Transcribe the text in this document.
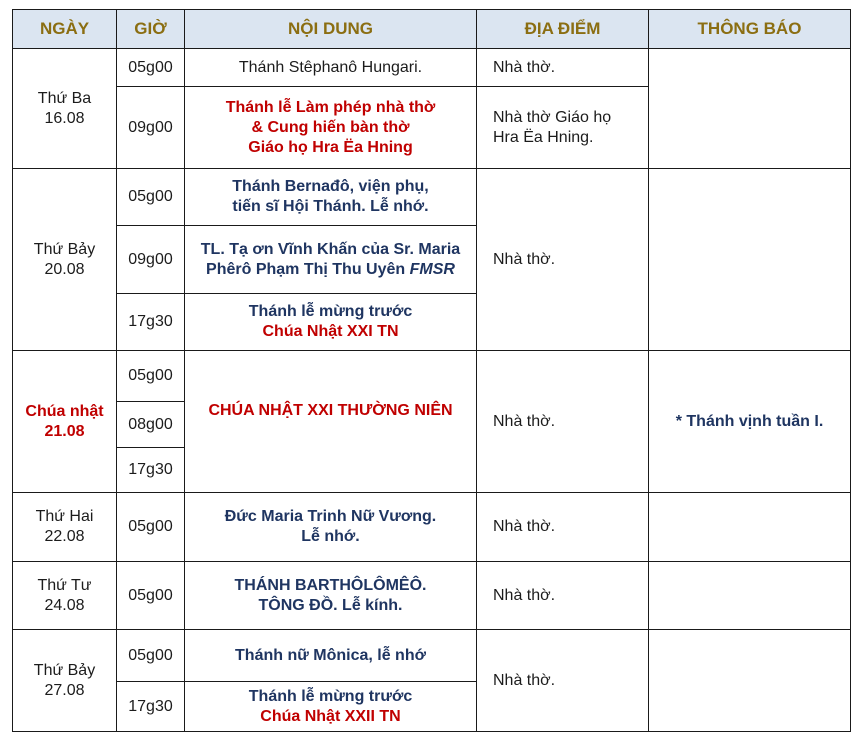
NGÀY	GIỜ	NỘI DUNG	ĐỊA ĐIỂM	THÔNG BÁO

Thứ Ba
16.08	05g00	Thánh Stêphanô Hungari.	Nhà thờ.	
	09g00	Thánh lễ Làm phép nhà thờ
& Cung hiến bàn thờ
Giáo họ Hra Ëa Hning	Nhà thờ Giáo họ
Hra Ëa Hning.	

Thứ Bảy
20.08	05g00	Thánh Bernađô, viện phụ,
tiến sĩ Hội Thánh. Lễ nhớ.	Nhà thờ.	
	09g00	TL. Tạ ơn Vĩnh Khấn của Sr. Maria
Phêrô Phạm Thị Thu Uyên FMSR		

	17g30	Thánh lễ mừng trước
Chúa Nhật XXI TN		

Chúa nhật
21.08	05g00	CHÚA NHẬT XXI THƯỜNG NIÊN	Nhà thờ.	* Thánh vịnh tuần I.
	08g00			
	17g30			

Thứ Hai
22.08	05g00	Đức Maria Trinh Nữ Vương.
Lễ nhớ.	Nhà thờ.	

Thứ Tư
24.08	05g00	THÁNH BARTHÔLÔMÊÔ.
TÔNG ĐỒ. Lễ kính.	Nhà thờ.	

Thứ Bảy
27.08	05g00	Thánh nữ Mônica, lễ nhớ	Nhà thờ.	
	17g30	Thánh lễ mừng trước
Chúa Nhật XXII TN		
